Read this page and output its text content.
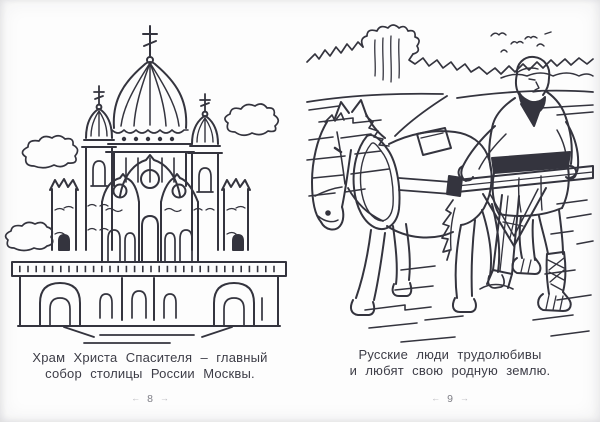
Храм Христа Спасителя – главный
собор столицы России Москвы.
← 8 →
Русские люди трудолюбивы
и любят свою родную землю.
← 9 →
